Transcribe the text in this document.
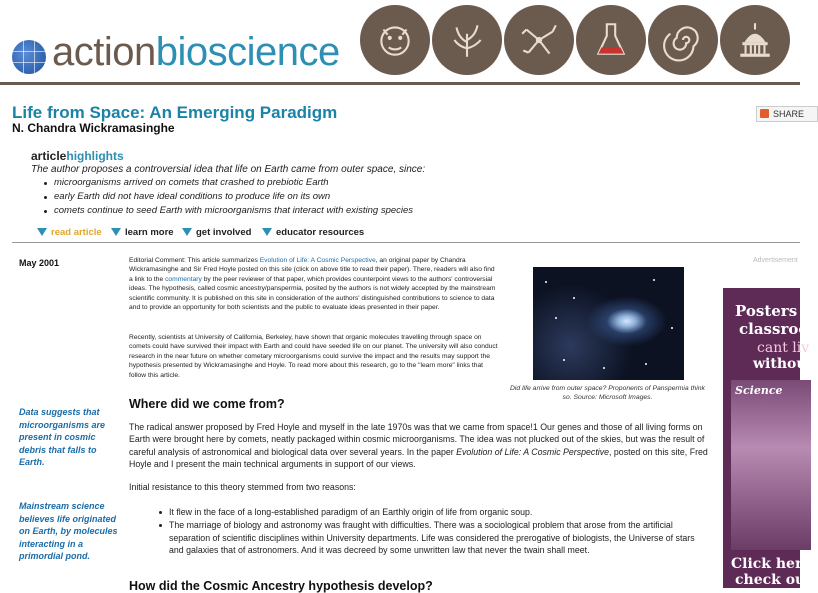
actionbioscience
Life from Space: An Emerging Paradigm
N. Chandra Wickramasinghe
SHARE
articlehighlights
The author proposes a controversial idea that life on Earth came from outer space, since:
microorganisms arrived on comets that crashed to prebiotic Earth
early Earth did not have ideal conditions to produce life on its own
comets continue to seed Earth with microorganisms that interact with existing species
read article	learn more	get involved	educator resources
May 2001	Editorial Comment: This article summarizes Evolution of Life: A Cosmic Perspective, an original paper by Chandra Wickramasinghe and Sir Fred Hoyle posted on this site (click on above title to read their paper). There, readers will also find a link to the commentary by the peer reviewer of that paper, which provides counterpoint views to the authors' controversial ideas. The hypothesis, called cosmic ancestry/panspermia, posited by the authors is not widely accepted by the mainstream scientific community. It is published on this site in consideration of the authors' distinguished contributions to science to data and to provide an opportunity for both scientists and the public to evaluate ideas presented in their paper.
Recently, scientists at University of California, Berkeley, have shown that organic molecules travelling through space on comets could have survived their impact with Earth and could have seeded life on our planet. The university will also conduct research in the near future on whether cometary microorganisms could survive the impact and the results may support the hypothesis presented by Wickramasinghe and Hoyle. To read more about this research, go to the "learn more" links that follow this article.
Did life arrive from outer space? Proponents of Panspermia think so. Source: Microsoft Images.
Advertisement
Posters y
classroo
cant liv
without
Science
Click her
check out
Data suggests that microorganisms are present in cosmic debris that falls to Earth.
Mainstream science believes life originated on Earth, by molecules interacting in a primordial pond.
Where did we come from?
The radical answer proposed by Fred Hoyle and myself in the late 1970s was that we came from space!1 Our genes and those of all living forms on Earth were brought here by comets, neatly packaged within cosmic microorganisms. The idea was not plucked out of the skies, but was the result of careful analysis of astronomical and biological data over several years. In the paper Evolution of Life: A Cosmic Perspective, posted on this site, Fred Hoyle and I present the main technical arguments in support of our views.
Initial resistance to this theory stemmed from two reasons:
It flew in the face of a long-established paradigm of an Earthly origin of life from organic soup.
The marriage of biology and astronomy was fraught with difficulties. There was a sociological problem that arose from the artificial separation of scientific disciplines within University departments. Life was considered the prerogative of biologists, the Universe of stars and galaxies that of astronomers. And it was decreed by some unwritten law that never the twain shall meet.
How did the Cosmic Ancestry hypothesis develop?
